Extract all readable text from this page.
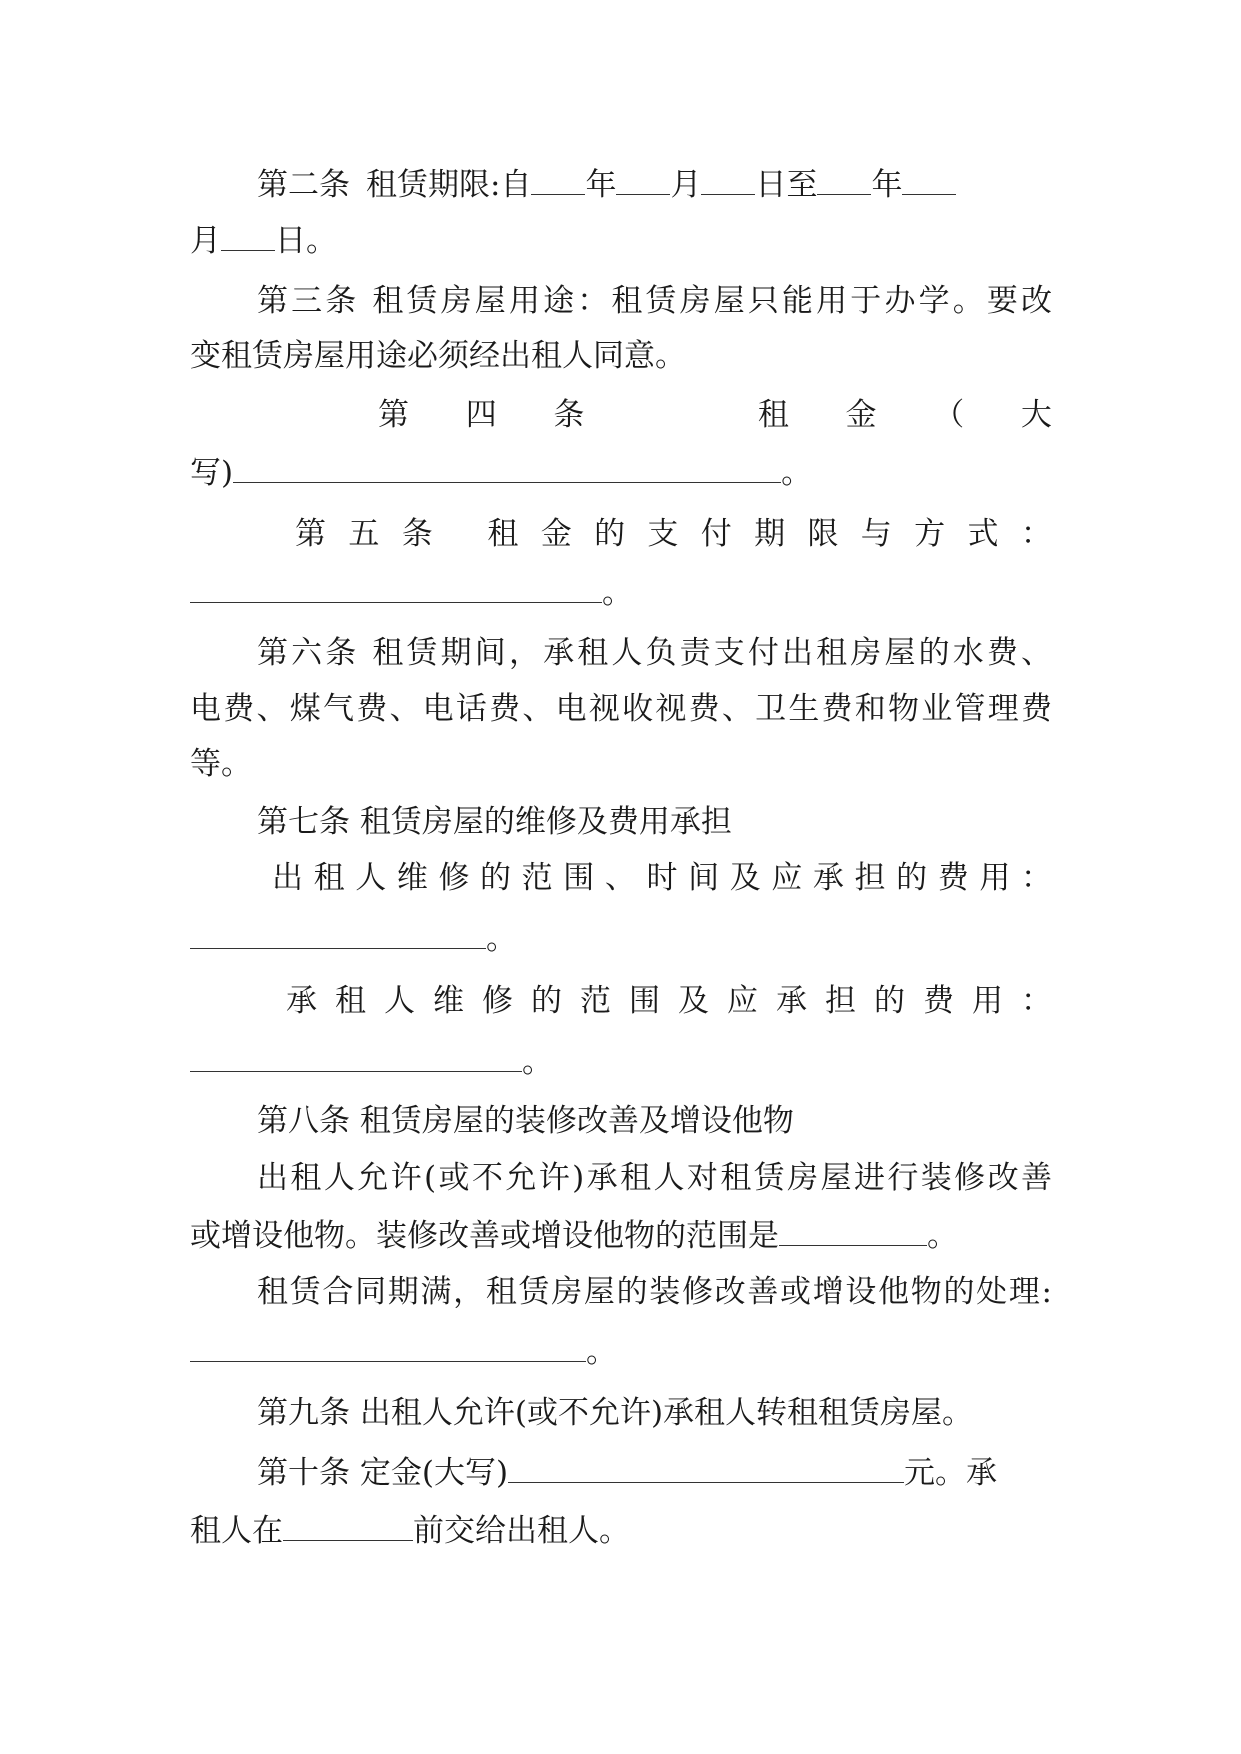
第二条 租赁期限:自 年 月 日至 年
月 日。
第三条 租赁房屋用途：租赁房屋只能用于办学。要改
变租赁房屋用途必须经出租人同意。
第 四 条	租 金 （ 大
写)	。
第 五 条 租 金 的 支 付 期 限 与 方 式 ：
。
第六条 租赁期间，承租人负责支付出租房屋的水费、
电费、煤气费、电话费、电视收视费、卫生费和物业管理费
等。
第七条 租赁房屋的维修及费用承担
出 租 人 维 修 的 范 围 、 时 间 及 应 承 担 的 费 用 ：
。
承 租 人 维 修 的 范 围 及 应 承 担 的 费 用 ：
。
第八条 租赁房屋的装修改善及增设他物
出租人允许(或不允许)承租人对租赁房屋进行装修改善
或增设他物。装修改善或增设他物的范围是	。
租赁合同期满，租赁房屋的装修改善或增设他物的处理:
。
第九条 出租人允许(或不允许)承租人转租租赁房屋。
第十条 定金(大写)	元。承
租人在	前交给出租人。
